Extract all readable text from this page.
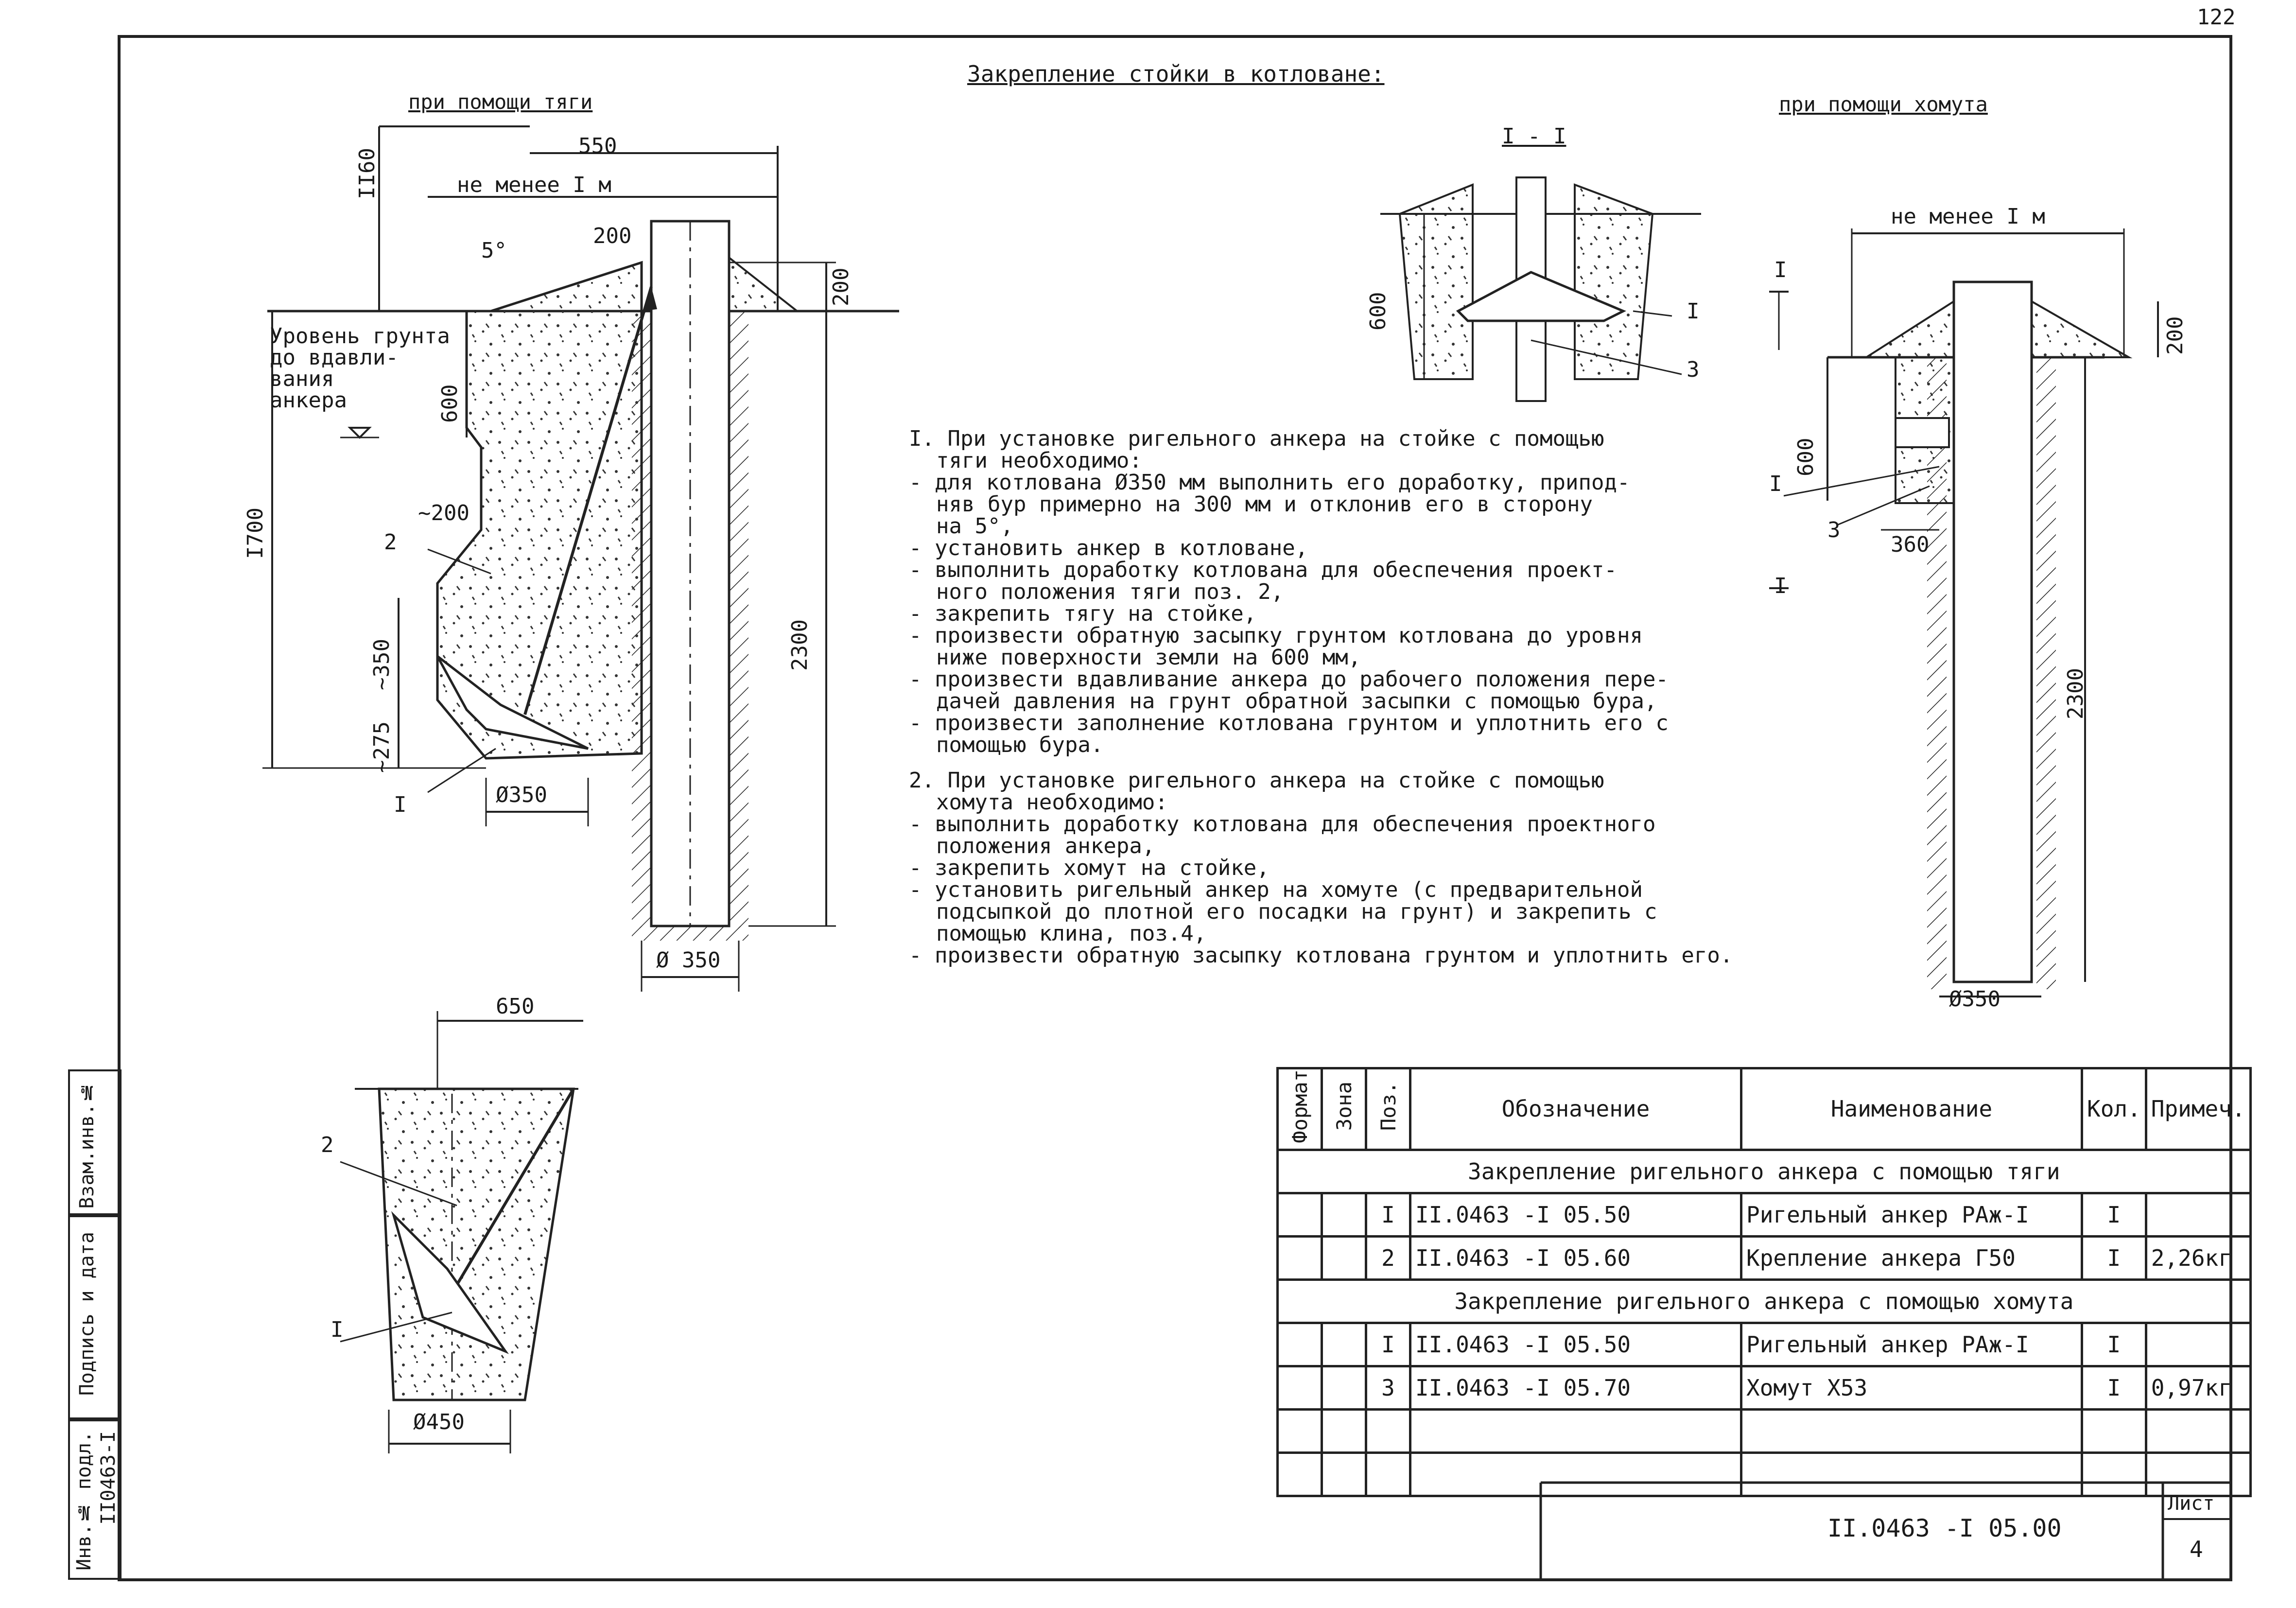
122
Закрепление стойки в котловане:
при помощи тяги
550
не менее I м
II60
5°
200
200
Уровень грунта
до вдавли-
вания
анкера	600
I700	~200
~350
~275
2300
Ø350
Ø 350
2
I
I - I
600	I
3
при помощи хомута
не менее I м
200
600
360
2300
Ø350
I
I
I
3
650
Ø450
2
I

I. При установке ригельного анкера на стойке с помощью

тяги необходимо:

- для котлована Ø350 мм выполнить его доработку, припод-

няв бур примерно на 300 мм и отклонив его в сторону

на 5°,

- установить анкер в котловане,

- выполнить доработку котлована для обеспечения проект-

ного положения тяги поз. 2,

- закрепить тягу на стойке,

- произвести обратную засыпку грунтом котлована до уровня

ниже поверхности земли на 600 мм,

- произвести вдавливание анкера до рабочего положения пере-

дачей давления на грунт обратной засыпки с помощью бура,

- произвести заполнение котлована грунтом и уплотнить его с

помощью бура.

2. При установке ригельного анкера на стойке с помощью

хомута необходимо:

- выполнить доработку котлована для обеспечения проектного

положения анкера,

- закрепить хомут на стойке,

- установить ригельный анкер на хомуте (с предварительной

подсыпкой до плотной его посадки на грунт) и закрепить с

помощью клина, поз.4,

- произвести обратную засыпку котлована грунтом и уплотнить его.

Формат	Зона	Поз.	Обозначение	Наименование	Кол.	Примеч.
Закрепление ригельного анкера с помощью тяги						
		I	II.0463 -I 05.50	Ригельный анкер РАж-I	I	
		2	II.0463 -I 05.60	Крепление анкера Г50	I	2,26кг
Закрепление ригельного анкера с помощью хомута						
		I	II.0463 -I 05.50	Ригельный анкер РАж-I	I	
		3	II.0463 -I 05.70	Хомут Х53	I	0,97кг

II.0463 -I 05.00
Лист
4
Взам.инв.№
Подпись и дата
Инв.№ подл. II0463-I
